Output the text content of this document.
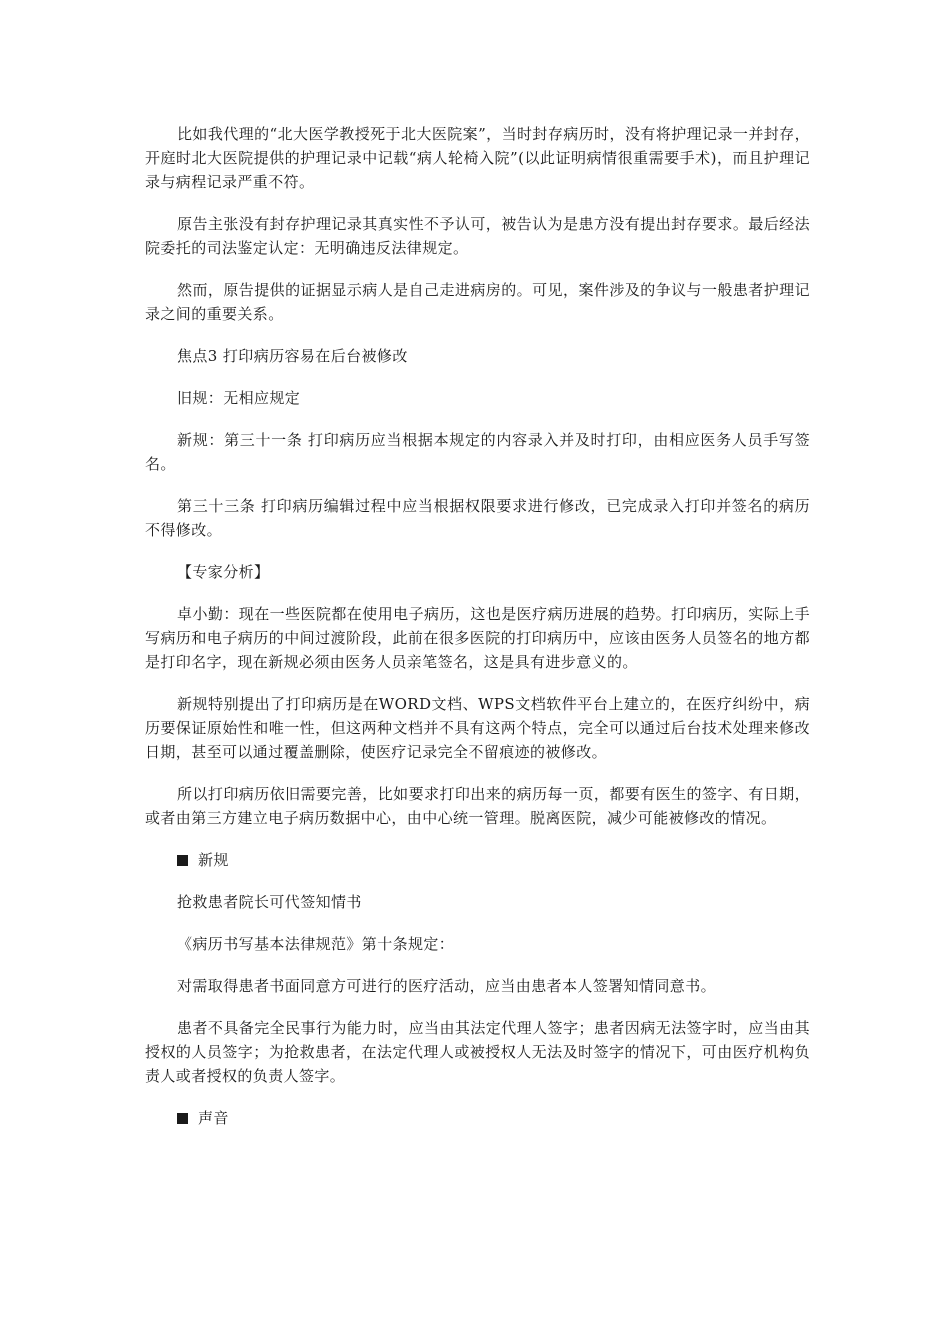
比如我代理的“北大医学教授死于北大医院案”，当时封存病历时，没有将护理记录一并封存，开庭时北大医院提供的护理记录中记载“病人轮椅入院”(以此证明病情很重需要手术)，而且护理记录与病程记录严重不符。

原告主张没有封存护理记录其真实性不予认可，被告认为是患方没有提出封存要求。最后经法院委托的司法鉴定认定：无明确违反法律规定。

然而，原告提供的证据显示病人是自己走进病房的。可见，案件涉及的争议与一般患者护理记录之间的重要关系。

焦点3 打印病历容易在后台被修改

旧规：无相应规定

新规：第三十一条 打印病历应当根据本规定的内容录入并及时打印，由相应医务人员手写签名。

第三十三条 打印病历编辑过程中应当根据权限要求进行修改，已完成录入打印并签名的病历不得修改。

【专家分析】

卓小勤：现在一些医院都在使用电子病历，这也是医疗病历进展的趋势。打印病历，实际上手写病历和电子病历的中间过渡阶段，此前在很多医院的打印病历中，应该由医务人员签名的地方都是打印名字，现在新规必须由医务人员亲笔签名，这是具有进步意义的。

新规特别提出了打印病历是在WORD文档、WPS文档软件平台上建立的，在医疗纠纷中，病历要保证原始性和唯一性，但这两种文档并不具有这两个特点，完全可以通过后台技术处理来修改日期，甚至可以通过覆盖删除，使医疗记录完全不留痕迹的被修改。

所以打印病历依旧需要完善，比如要求打印出来的病历每一页，都要有医生的签字、有日期，或者由第三方建立电子病历数据中心，由中心统一管理。脱离医院，减少可能被修改的情况。

新规

抢救患者院长可代签知情书

《病历书写基本法律规范》第十条规定：

对需取得患者书面同意方可进行的医疗活动，应当由患者本人签署知情同意书。

患者不具备完全民事行为能力时，应当由其法定代理人签字；患者因病无法签字时，应当由其授权的人员签字；为抢救患者，在法定代理人或被授权人无法及时签字的情况下，可由医疗机构负责人或者授权的负责人签字。

声音
